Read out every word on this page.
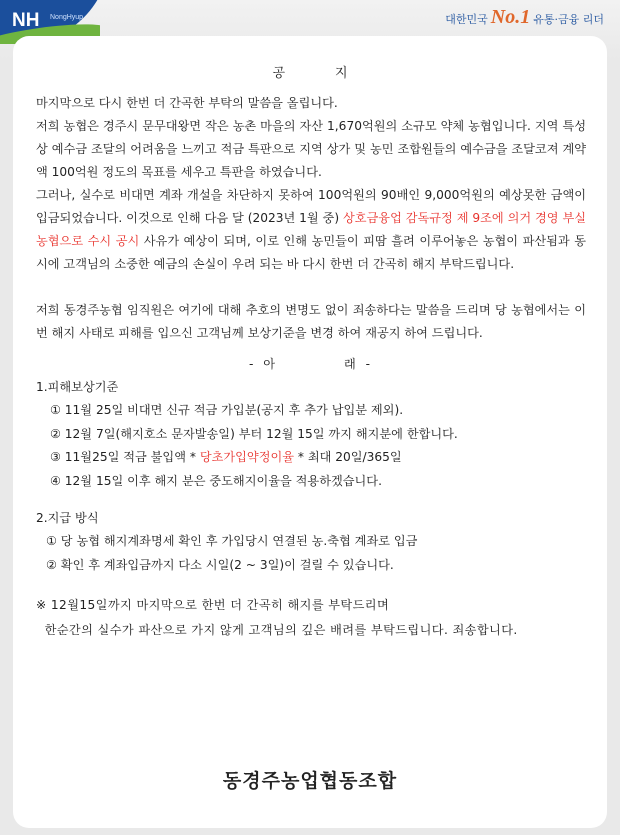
NH NongHyup	대한민국 No.1 유통·금융 리더
공지

마지막으로 다시 한번 더 간곡한 부탁의 말씀을 올립니다.

저희 농협은 경주시 문무대왕면 작은 농촌 마을의 자산 1,670억원의 소규모 약체 농협입니다. 지역 특성상 예수금 조달의 어려움을 느끼고 적금 특판으로 지역 상가 및 농민 조합원들의 예수금을 조달코져 계약액 100억원 정도의 목표를 세우고 특판을 하였습니다.

그러나, 실수로 비대면 계좌 개설을 차단하지 못하여 100억원의 90배인 9,000억원의 예상못한 금액이 입금되었습니다. 이것으로 인해 다음 달 (2023년 1월 중) 상호금융업 감독규정 제 9조에 의거 경영 부실 농협으로 수시 공시 사유가 예상이 되며, 이로 인해 농민들이 피땀 흘려 이루어놓은 농협이 파산됨과 동시에 고객님의 소중한 예금의 손실이 우려 되는 바 다시 한번 더 간곡히 해지 부탁드립니다.

저희 동경주농협 임직원은 여기에 대해 추호의 변명도 없이 죄송하다는 말씀을 드리며 당 농협에서는 이번 해지 사태로 피해를 입으신 고객님께 보상기준을 변경 하여 재공지 하여 드립니다.

- 아	래 -

1.피해보상기준

① 11월 25일 비대면 신규 적금 가입분(공지 후 추가 납입분 제외).

② 12월 7일(해지호소 문자발송일) 부터 12월 15일 까지 해지분에 한합니다.

③ 11월25일 적금 불입액 * 당초가입약정이율 * 최대 20일/365일

④ 12월 15일 이후 해지 분은 중도해지이율을 적용하겠습니다.

2.지급 방식

① 당 농협 해지계좌명세 확인 후 가입당시 연결된 농.축협 계좌로 입금

② 확인 후 계좌입금까지 다소 시일(2 ~ 3일)이 걸릴 수 있습니다.

※ 12월15일까지 마지막으로 한번 더 간곡히 해지를 부탁드리며

한순간의 실수가 파산으로 가지 않게 고객님의 깊은 배려를 부탁드립니다. 죄송합니다.

동경주농업협동조합
